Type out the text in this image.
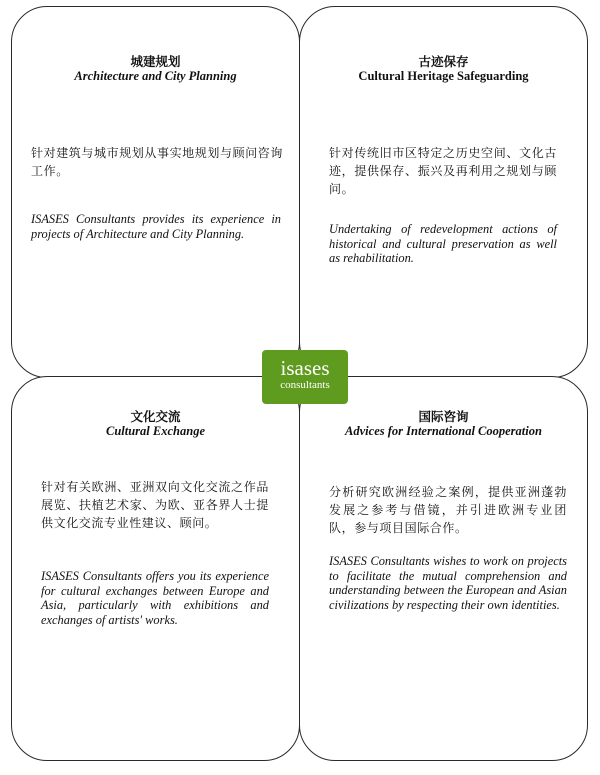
城建规划
Architecture and City Planning
针对建筑与城市规划从事实地规划与顾问咨询工作。
ISASES Consultants provides its experience in projects of Architecture and City Planning.
古迹保存
Cultural Heritage Safeguarding
针对传统旧市区特定之历史空间、文化古迹，提供保存、振兴及再利用之规划与顾问。
Undertaking of redevelopment actions of historical and cultural preservation as well as rehabilitation.
文化交流
Cultural Exchange
针对有关欧洲、亚洲双向文化交流之作品展览、扶植艺术家、为欧、亚各界人士提供文化交流专业性建议、顾问。
ISASES Consultants offers you its experience for cultural exchanges between Europe and Asia, particularly with exhibitions and exchanges of artists' works.
国际咨询
Advices for International Cooperation
分析研究欧洲经验之案例，提供亚洲蓬勃发展之参考与借镜，并引进欧洲专业团队，参与项目国际合作。
ISASES Consultants wishes to work on projects to facilitate the mutual comprehension and understanding between the European and Asian civilizations by respecting their own identities.
isases
consultants
